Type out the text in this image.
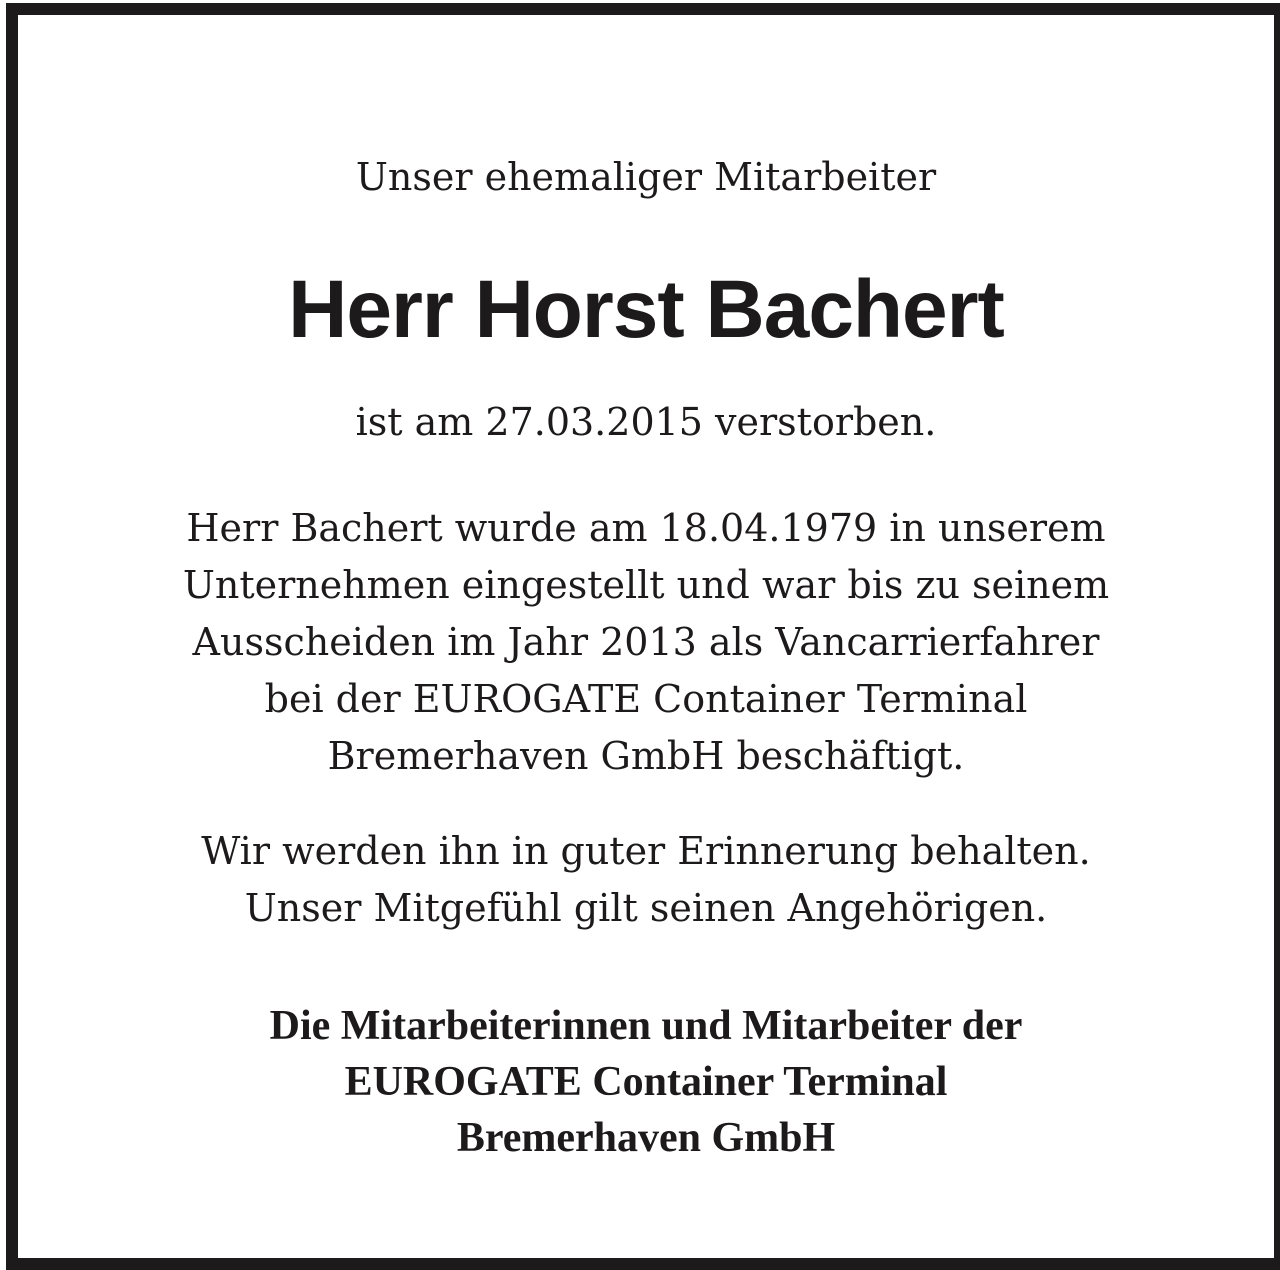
Unser ehemaliger Mitarbeiter

Herr Horst Bachert

ist am 27.03.2015 verstorben.

Herr Bachert wurde am 18.04.1979 in unserem
Unternehmen eingestellt und war bis zu seinem
Ausscheiden im Jahr 2013 als Vancarrierfahrer
bei der EUROGATE Container Terminal
Bremerhaven GmbH beschäftigt.

Wir werden ihn in guter Erinnerung behalten.
Unser Mitgefühl gilt seinen Angehörigen.

Die Mitarbeiterinnen und Mitarbeiter der
EUROGATE Container Terminal
Bremerhaven GmbH
